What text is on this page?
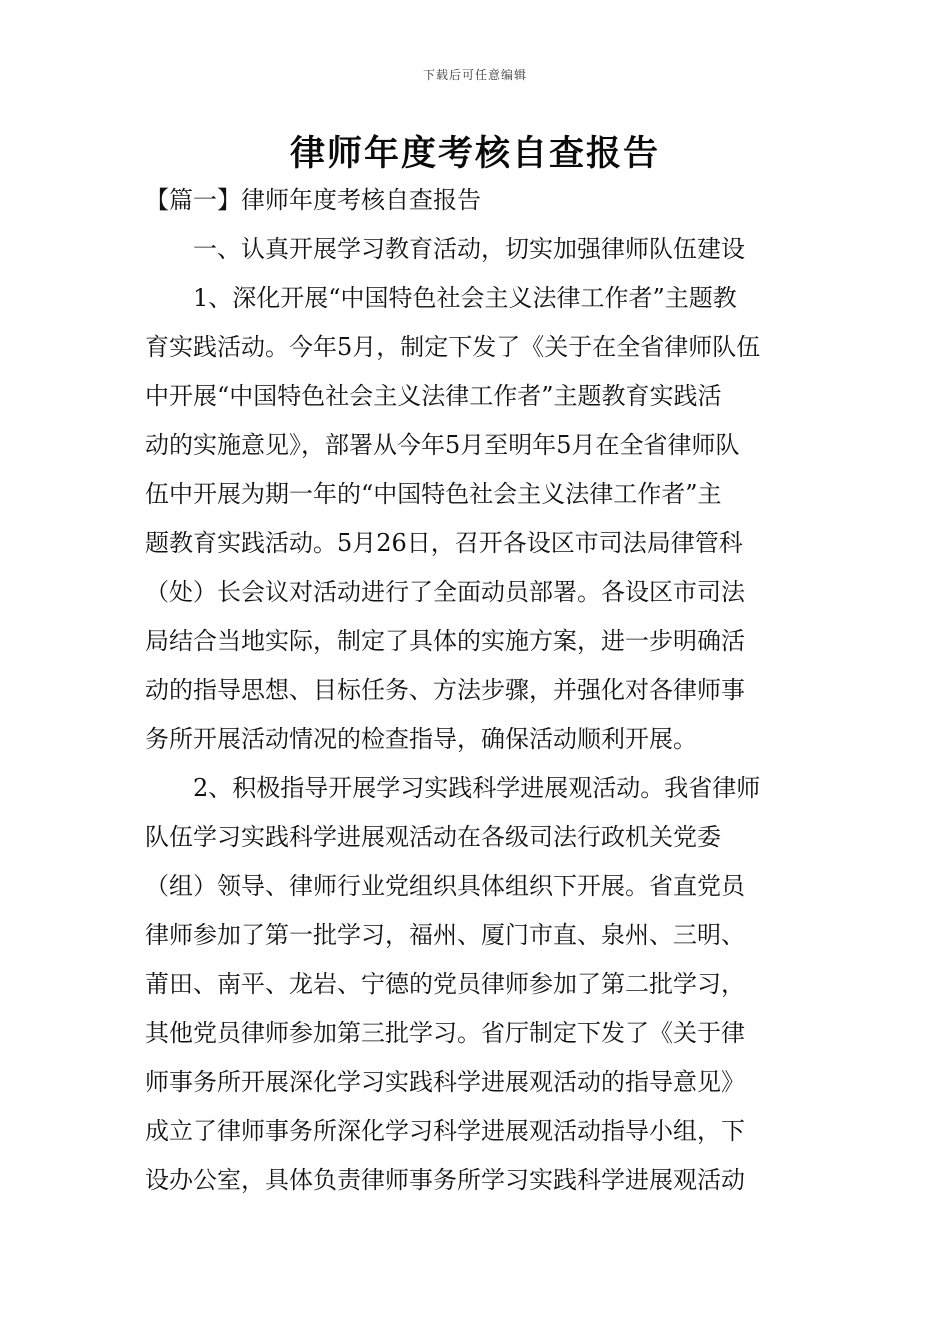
下载后可任意编辑
律师年度考核自查报告
【篇一】律师年度考核自查报告
一、认真开展学习教育活动，切实加强律师队伍建设
1、深化开展“中国特色社会主义法律工作者”主题教
育实践活动。今年5月，制定下发了《关于在全省律师队伍
中开展“中国特色社会主义法律工作者”主题教育实践活
动的实施意见》，部署从今年5月至明年5月在全省律师队
伍中开展为期一年的“中国特色社会主义法律工作者”主
题教育实践活动。5月26日，召开各设区市司法局律管科
（处）长会议对活动进行了全面动员部署。各设区市司法
局结合当地实际，制定了具体的实施方案，进一步明确活
动的指导思想、目标任务、方法步骤，并强化对各律师事
务所开展活动情况的检查指导，确保活动顺利开展。
2、积极指导开展学习实践科学进展观活动。我省律师
队伍学习实践科学进展观活动在各级司法行政机关党委
（组）领导、律师行业党组织具体组织下开展。省直党员
律师参加了第一批学习，福州、厦门市直、泉州、三明、
莆田、南平、龙岩、宁德的党员律师参加了第二批学习，
其他党员律师参加第三批学习。省厅制定下发了《关于律
师事务所开展深化学习实践科学进展观活动的指导意见》
成立了律师事务所深化学习科学进展观活动指导小组，下
设办公室，具体负责律师事务所学习实践科学进展观活动
